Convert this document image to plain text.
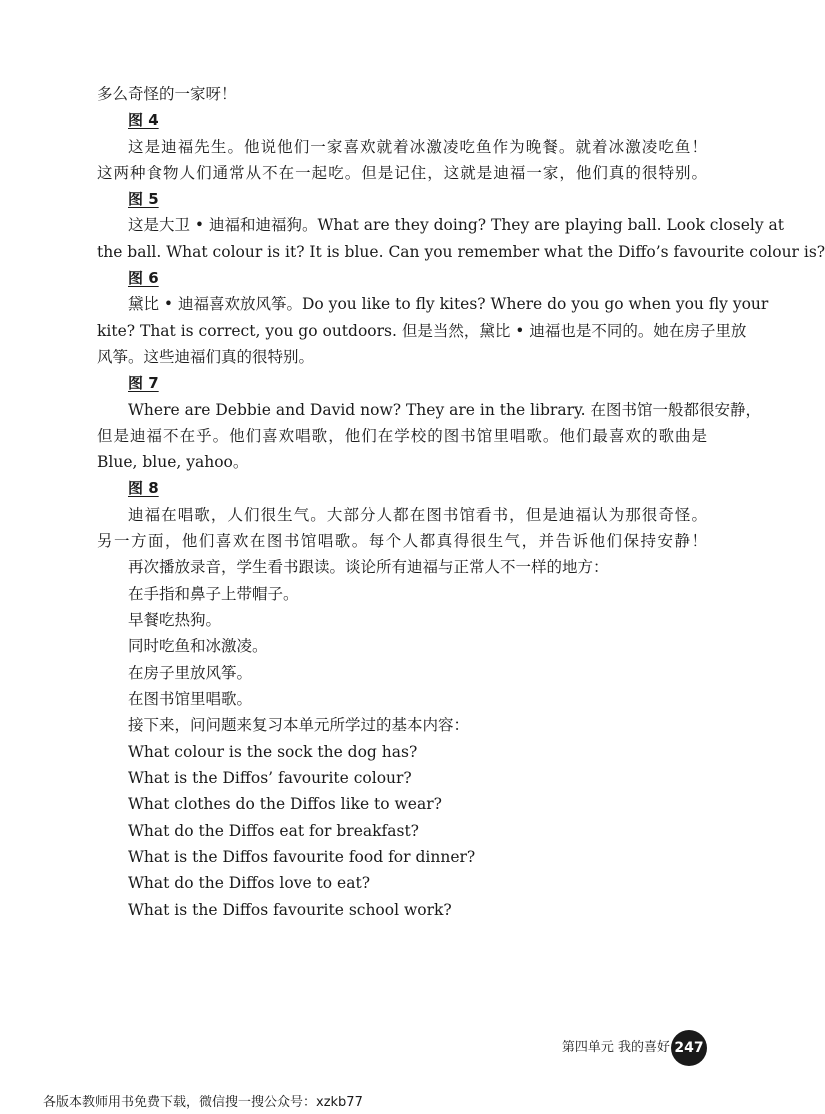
多么奇怪的一家呀！
图 4
这是迪福先生。他说他们一家喜欢就着冰激凌吃鱼作为晚餐。就着冰激凌吃鱼！
这两种食物人们通常从不在一起吃。但是记住，这就是迪福一家，他们真的很特别。
图 5
这是大卫 • 迪福和迪福狗。What are they doing? They are playing ball. Look closely at
the ball. What colour is it? It is blue. Can you remember what the Diffo’s favourite colour is?
图 6
黛比 • 迪福喜欢放风筝。Do you like to fly kites? Where do you go when you fly your
kite? That is correct, you go outdoors. 但是当然，黛比 • 迪福也是不同的。她在房子里放
风筝。这些迪福们真的很特别。
图 7
Where are Debbie and David now? They are in the library. 在图书馆一般都很安静，
但是迪福不在乎。他们喜欢唱歌，他们在学校的图书馆里唱歌。他们最喜欢的歌曲是
Blue, blue, yahoo。
图 8
迪福在唱歌，人们很生气。大部分人都在图书馆看书，但是迪福认为那很奇怪。
另一方面，他们喜欢在图书馆唱歌。每个人都真得很生气，并告诉他们保持安静！
再次播放录音，学生看书跟读。谈论所有迪福与正常人不一样的地方：
在手指和鼻子上带帽子。
早餐吃热狗。
同时吃鱼和冰激凌。
在房子里放风筝。
在图书馆里唱歌。
接下来，问问题来复习本单元所学过的基本内容：
What colour is the sock the dog has?
What is the Diffos’ favourite colour?
What clothes do the Diffos like to wear?
What do the Diffos eat for breakfast?
What is the Diffos favourite food for dinner?
What do the Diffos love to eat?
What is the Diffos favourite school work?
第四单元 我的喜好 247
各版本教师用书免费下载，微信搜一搜公众号：xzkb77
